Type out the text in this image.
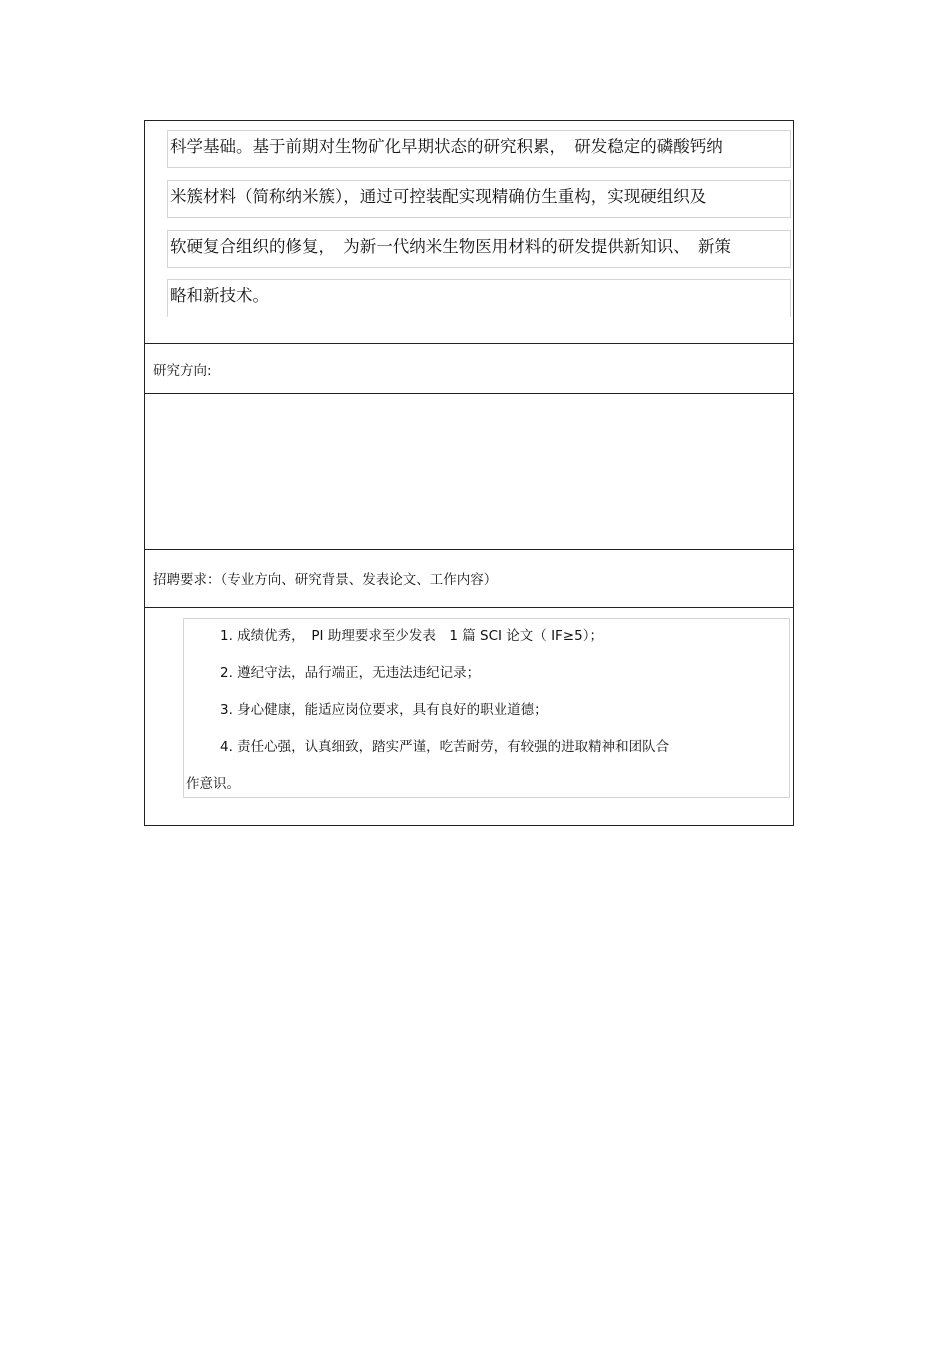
科学基础。基于前期对生物矿化早期状态的研究积累，　研发稳定的磷酸钙纳
米簇材料（简称纳米簇），通过可控装配实现精确仿生重构，实现硬组织及
软硬复合组织的修复，　为新一代纳米生物医用材料的研发提供新知识、　新策
略和新技术。
研究方向:
招聘要求：（专业方向、研究背景、发表论文、工作内容）
1. 成绩优秀，　PI 助理要求至少发表　1 篇 SCI 论文（ IF≥5）；
2. 遵纪守法，品行端正，无违法违纪记录；
3. 身心健康，能适应岗位要求，具有良好的职业道德；
4. 责任心强，认真细致，踏实严谨，吃苦耐劳，有较强的进取精神和团队合
作意识。
